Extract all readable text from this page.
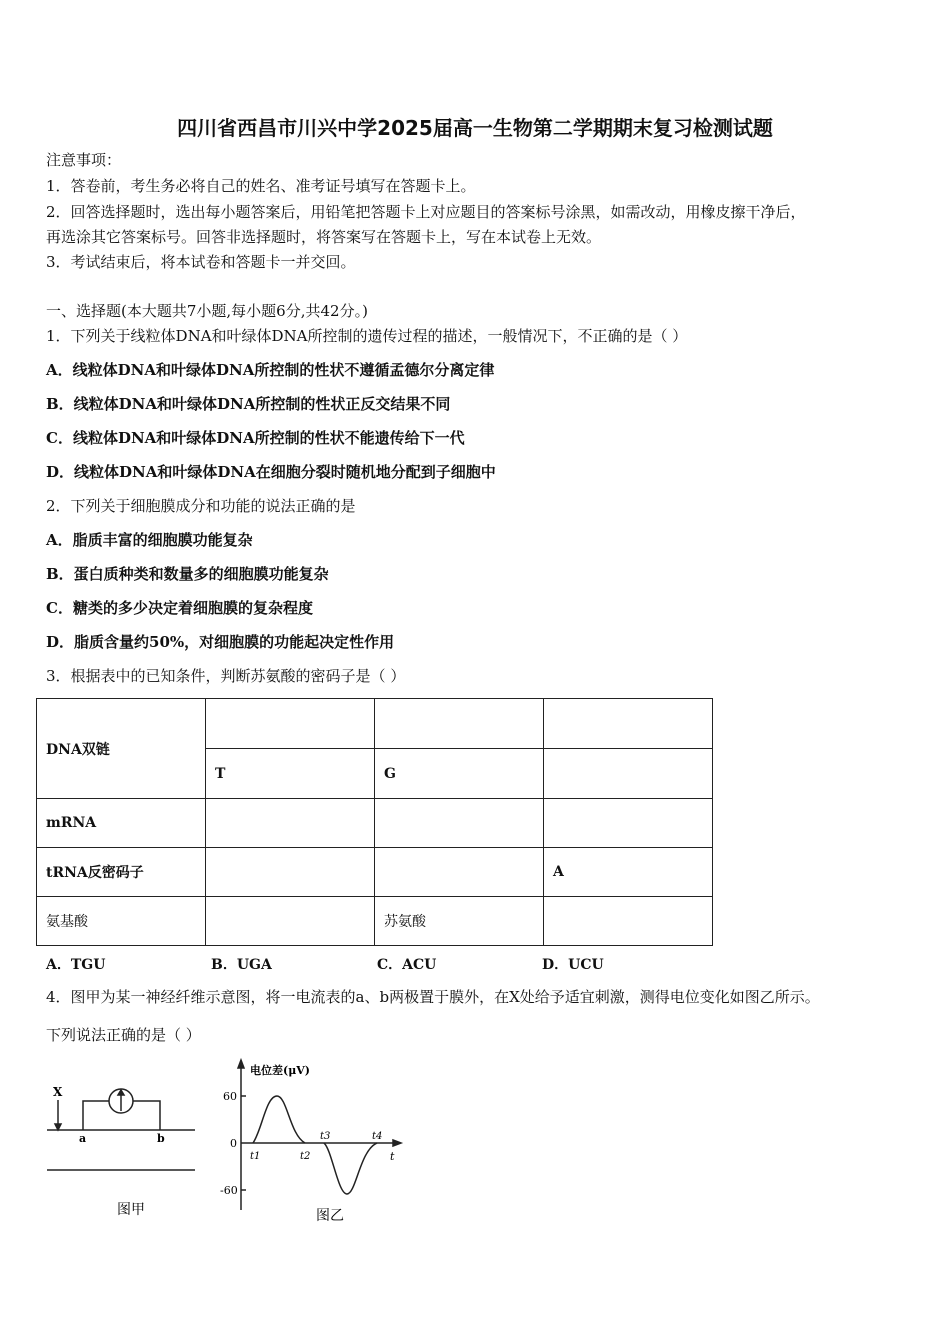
四川省西昌市川兴中学2025届高一生物第二学期期末复习检测试题
注意事项：
1．答卷前，考生务必将自己的姓名、准考证号填写在答题卡上。
2．回答选择题时，选出每小题答案后，用铅笔把答题卡上对应题目的答案标号涂黑，如需改动，用橡皮擦干净后，
再选涂其它答案标号。回答非选择题时，将答案写在答题卡上，写在本试卷上无效。
3．考试结束后，将本试卷和答题卡一并交回。
一、选择题(本大题共7小题,每小题6分,共42分。)
1．下列关于线粒体DNA和叶绿体DNA所控制的遗传过程的描述，一般情况下，不正确的是（ ）
A．线粒体DNA和叶绿体DNA所控制的性状不遵循孟德尔分离定律
B．线粒体DNA和叶绿体DNA所控制的性状正反交结果不同
C．线粒体DNA和叶绿体DNA所控制的性状不能遗传给下一代
D．线粒体DNA和叶绿体DNA在细胞分裂时随机地分配到子细胞中
2．下列关于细胞膜成分和功能的说法正确的是
A．脂质丰富的细胞膜功能复杂
B．蛋白质种类和数量多的细胞膜功能复杂
C．糖类的多少决定着细胞膜的复杂程度
D．脂质含量约50%，对细胞膜的功能起决定性作用
3．根据表中的已知条件，判断苏氨酸的密码子是（ ）
DNA双链			
	T	G	
mRNA			
tRNA反密码子			A
氨基酸		苏氨酸	
A．TGU	B．UGA	C．ACU	D．UCU
4．图甲为某一神经纤维示意图，将一电流表的a、b两极置于膜外，在X处给予适宜刺激，测得电位变化如图乙所示。
下列说法正确的是（ ）
X
a	b
图甲
电位差(μV)
60
0
-60
t1	t2
t3	t4
t
图乙
